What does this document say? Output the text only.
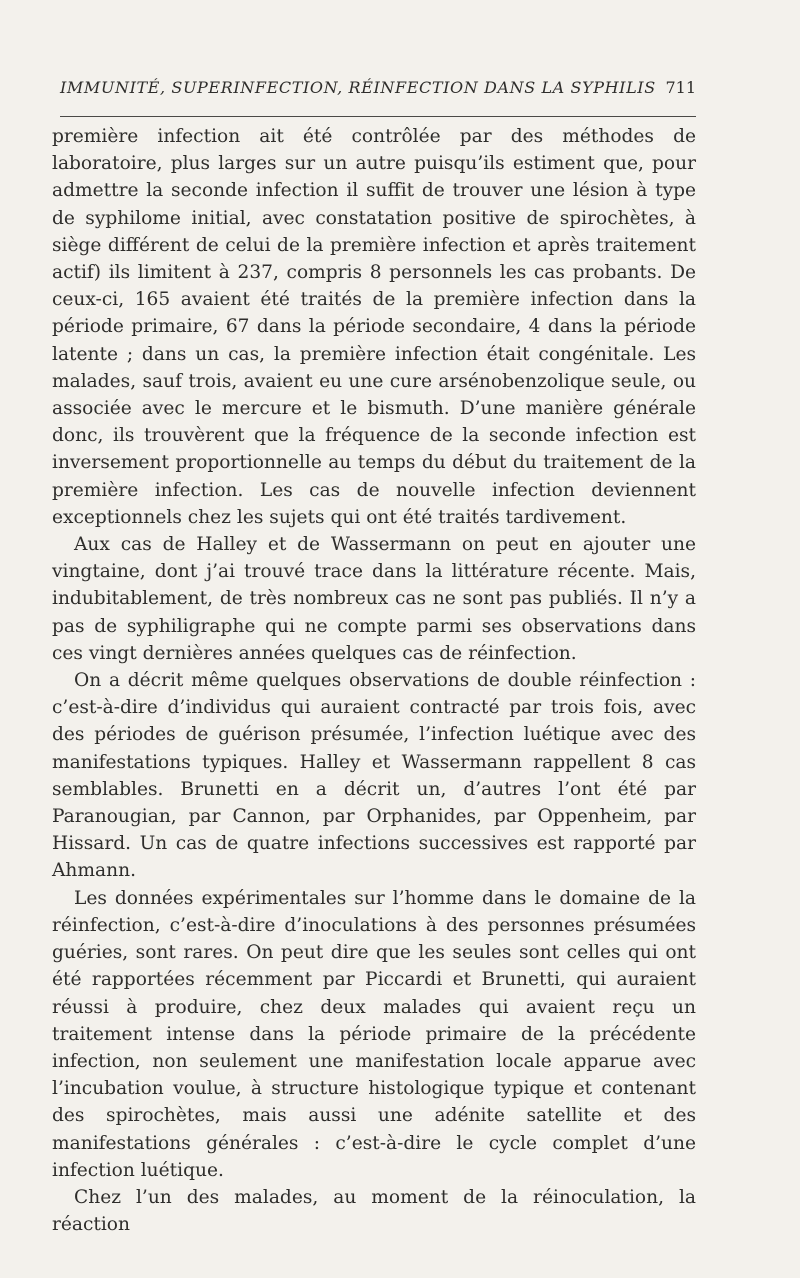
IMMUNITÉ, SUPERINFECTION, RÉINFECTION DANS LA SYPHILIS 711

première infection ait été contrôlée par des méthodes de laboratoire, plus larges sur un autre puisqu’ils estiment que, pour admettre la seconde infection il suffit de trouver une lésion à type de syphilome initial, avec constatation positive de spirochètes, à siège différent de celui de la première infection et après traitement actif) ils limitent à 237, compris 8 personnels les cas probants. De ceux-ci, 165 avaient été traités de la première infection dans la période primaire, 67 dans la période secondaire, 4 dans la période latente ; dans un cas, la première infection était congénitale. Les malades, sauf trois, avaient eu une cure arsénobenzolique seule, ou associée avec le mercure et le bismuth. D’une manière générale donc, ils trouvèrent que la fréquence de la seconde infection est inversement proportionnelle au temps du début du traitement de la première infection. Les cas de nouvelle infection deviennent exceptionnels chez les sujets qui ont été traités tardivement.

Aux cas de Halley et de Wassermann on peut en ajouter une vingtaine, dont j’ai trouvé trace dans la littérature récente. Mais, indubitablement, de très nombreux cas ne sont pas publiés. Il n’y a pas de syphiligraphe qui ne compte parmi ses observations dans ces vingt dernières années quelques cas de réinfection.

On a décrit même quelques observations de double réinfection : c’est-à-dire d’individus qui auraient contracté par trois fois, avec des périodes de guérison présumée, l’infection luétique avec des manifestations typiques. Halley et Wassermann rappellent 8 cas semblables. Brunetti en a décrit un, d’autres l’ont été par Paranougian, par Cannon, par Orphanides, par Oppenheim, par Hissard. Un cas de quatre infections successives est rapporté par Ahmann.

Les données expérimentales sur l’homme dans le domaine de la réinfection, c’est-à-dire d’inoculations à des personnes présumées guéries, sont rares. On peut dire que les seules sont celles qui ont été rapportées récemment par Piccardi et Brunetti, qui auraient réussi à produire, chez deux malades qui avaient reçu un traitement intense dans la période primaire de la précédente infection, non seulement une manifestation locale apparue avec l’incubation voulue, à structure histologique typique et contenant des spirochètes, mais aussi une adénite satellite et des manifestations générales : c’est-à-dire le cycle complet d’une infection luétique.

Chez l’un des malades, au moment de la réinoculation, la réaction
